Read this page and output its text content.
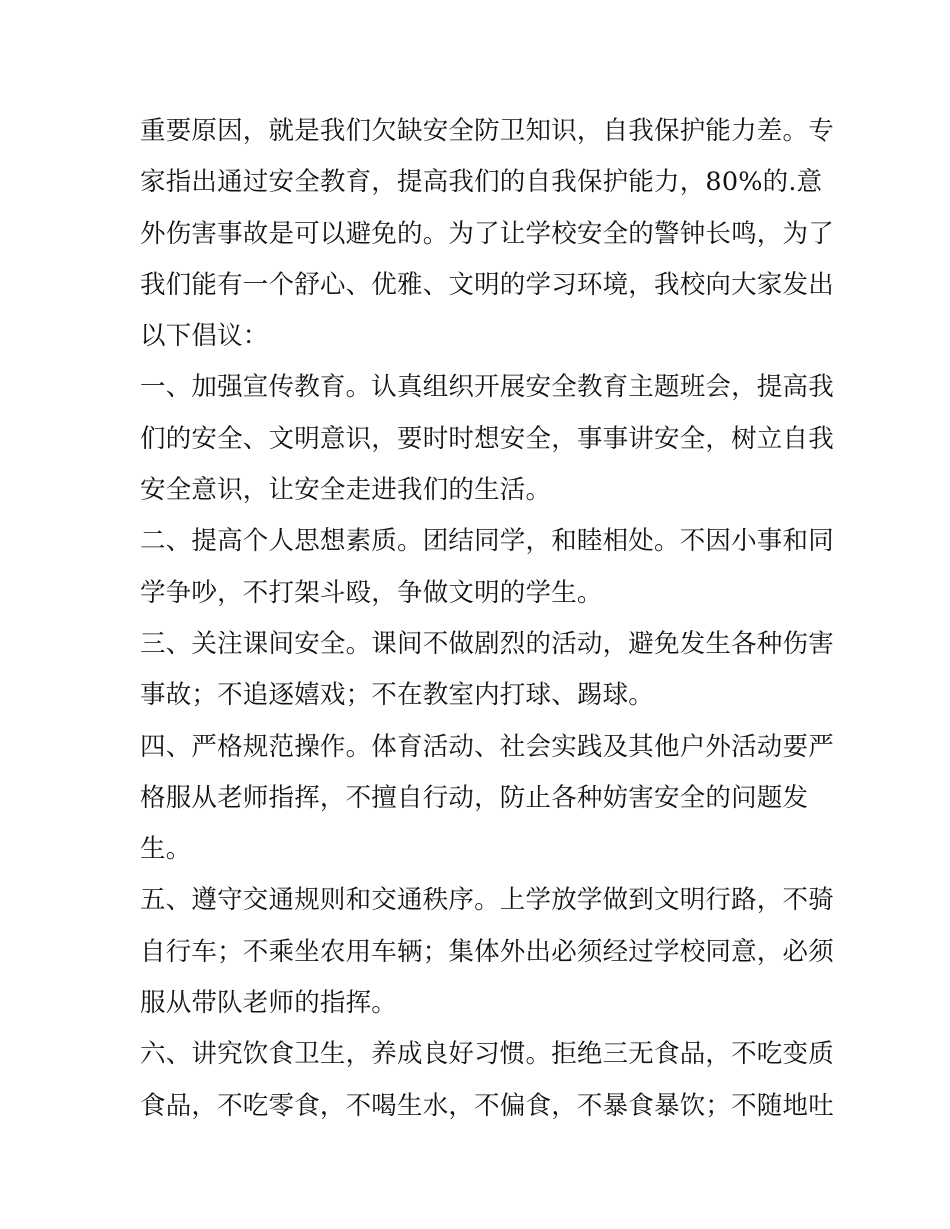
重要原因，就是我们欠缺安全防卫知识，自我保护能力差。专
家指出通过安全教育，提高我们的自我保护能力，80%的.意
外伤害事故是可以避免的。为了让学校安全的警钟长鸣，为了
我们能有一个舒心、优雅、文明的学习环境，我校向大家发出
以下倡议：
一、加强宣传教育。认真组织开展安全教育主题班会，提高我
们的安全、文明意识，要时时想安全，事事讲安全，树立自我
安全意识，让安全走进我们的生活。
二、提高个人思想素质。团结同学，和睦相处。不因小事和同
学争吵，不打架斗殴，争做文明的学生。
三、关注课间安全。课间不做剧烈的活动，避免发生各种伤害
事故；不追逐嬉戏；不在教室内打球、踢球。
四、严格规范操作。体育活动、社会实践及其他户外活动要严
格服从老师指挥，不擅自行动，防止各种妨害安全的问题发
生。
五、遵守交通规则和交通秩序。上学放学做到文明行路，不骑
自行车；不乘坐农用车辆；集体外出必须经过学校同意，必须
服从带队老师的指挥。
六、讲究饮食卫生，养成良好习惯。拒绝三无食品，不吃变质
食品，不吃零食，不喝生水，不偏食，不暴食暴饮；不随地吐
